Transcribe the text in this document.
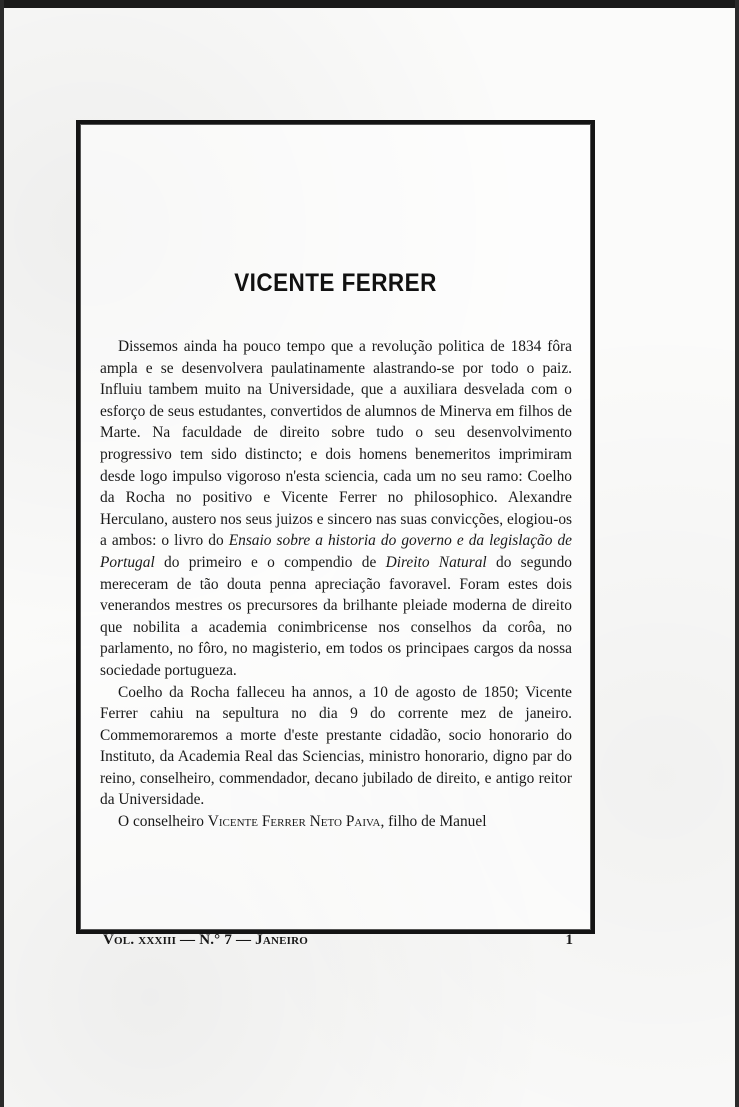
VICENTE FERRER

Dissemos ainda ha pouco tempo que a revolução politica de 1834 fôra ampla e se desenvolvera paulatinamente alastrando-se por todo o paiz. Influiu tambem muito na Universidade, que a auxiliara desvelada com o esforço de seus estudantes, convertidos de alumnos de Minerva em filhos de Marte. Na faculdade de direito sobre tudo o seu desenvolvimento progressivo tem sido distincto; e dois homens benemeritos imprimiram desde logo impulso vigoroso n'esta sciencia, cada um no seu ramo: Coelho da Rocha no positivo e Vicente Ferrer no philosophico. Alexandre Herculano, austero nos seus juizos e sincero nas suas convicções, elogiou-os a ambos: o livro do Ensaio sobre a historia do governo e da legislação de Portugal do primeiro e o compendio de Direito Natural do segundo mereceram de tão douta penna apreciação favoravel. Foram estes dois venerandos mestres os precursores da brilhante pleiade moderna de direito que nobilita a academia conimbricense nos conselhos da corôa, no parlamento, no fôro, no magisterio, em todos os principaes cargos da nossa sociedade portugueza.

Coelho da Rocha falleceu ha annos, a 10 de agosto de 1850; Vicente Ferrer cahiu na sepultura no dia 9 do corrente mez de janeiro. Commemoraremos a morte d'este prestante cidadão, socio honorario do Instituto, da Academia Real das Sciencias, ministro honorario, digno par do reino, conselheiro, commendador, decano jubilado de direito, e antigo reitor da Universidade.

O conselheiro Vicente Ferrer Neto Paiva, filho de Manuel

Vol. xxxiii — N.° 7 — Janeiro	1
